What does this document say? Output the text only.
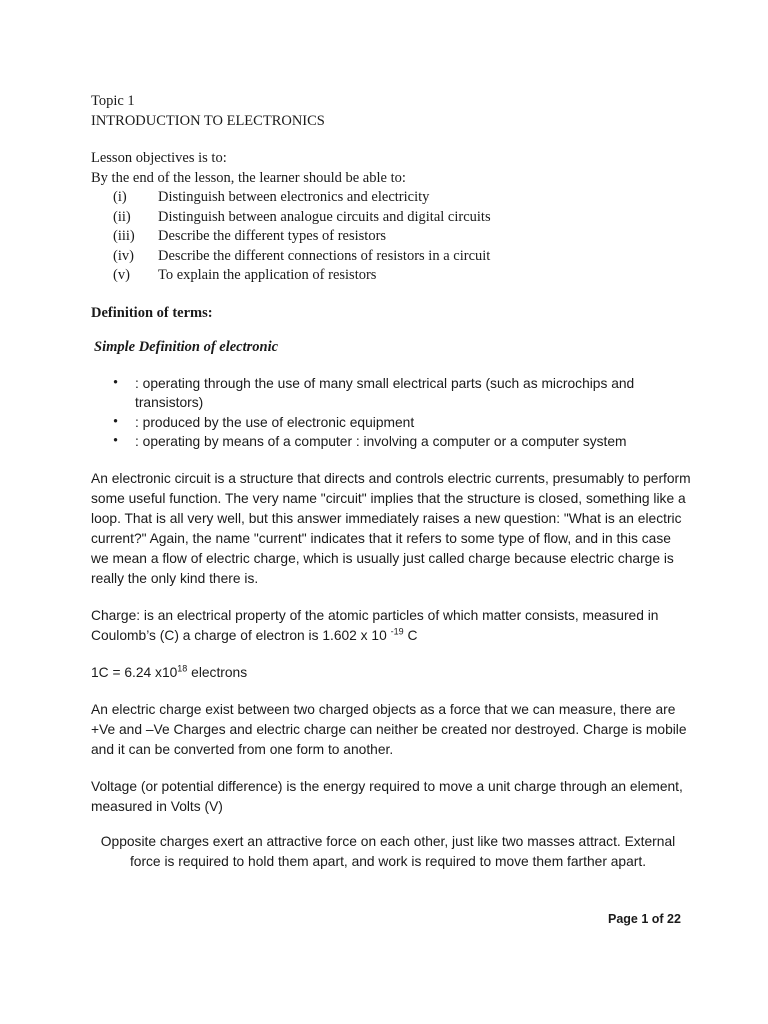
Topic 1

INTRODUCTION TO ELECTRONICS

Lesson objectives is to:

By the end of the lesson, the learner should be able to:

(i)	Distinguish between electronics and electricity
(ii)	Distinguish between analogue circuits and digital circuits
(iii)	Describe the different types of resistors
(iv)	Describe the different connections of resistors in a circuit
(v)	To explain the application of resistors

Definition of terms:

Simple Definition of electronic

•	: operating through the use of many small electrical parts (such as microchips and transistors)
•	: produced by the use of electronic equipment
•	: operating by means of a computer : involving a computer or a computer system

An electronic circuit is a structure that directs and controls electric currents, presumably to perform some useful function. The very name "circuit" implies that the structure is closed, something like a loop. That is all very well, but this answer immediately raises a new question: "What is an electric current?" Again, the name "current" indicates that it refers to some type of flow, and in this case we mean a flow of electric charge, which is usually just called charge because electric charge is really the only kind there is.

Charge: is an electrical property of the atomic particles of which matter consists, measured in Coulomb’s (C) a charge of electron is 1.602 x 10 $^{-19}$ C

1C = 6.24 $x10^{18}$ electrons

An electric charge exist between two charged objects as a force that we can measure, there are +Ve and –Ve Charges and electric charge can neither be created nor destroyed. Charge is mobile and it can be converted from one form to another.

Voltage (or potential difference) is the energy required to move a unit charge through an element, measured in Volts (V)

Opposite charges exert an attractive force on each other, just like two masses attract. External force is required to hold them apart, and work is required to move them farther apart.

Page 1 of 22
